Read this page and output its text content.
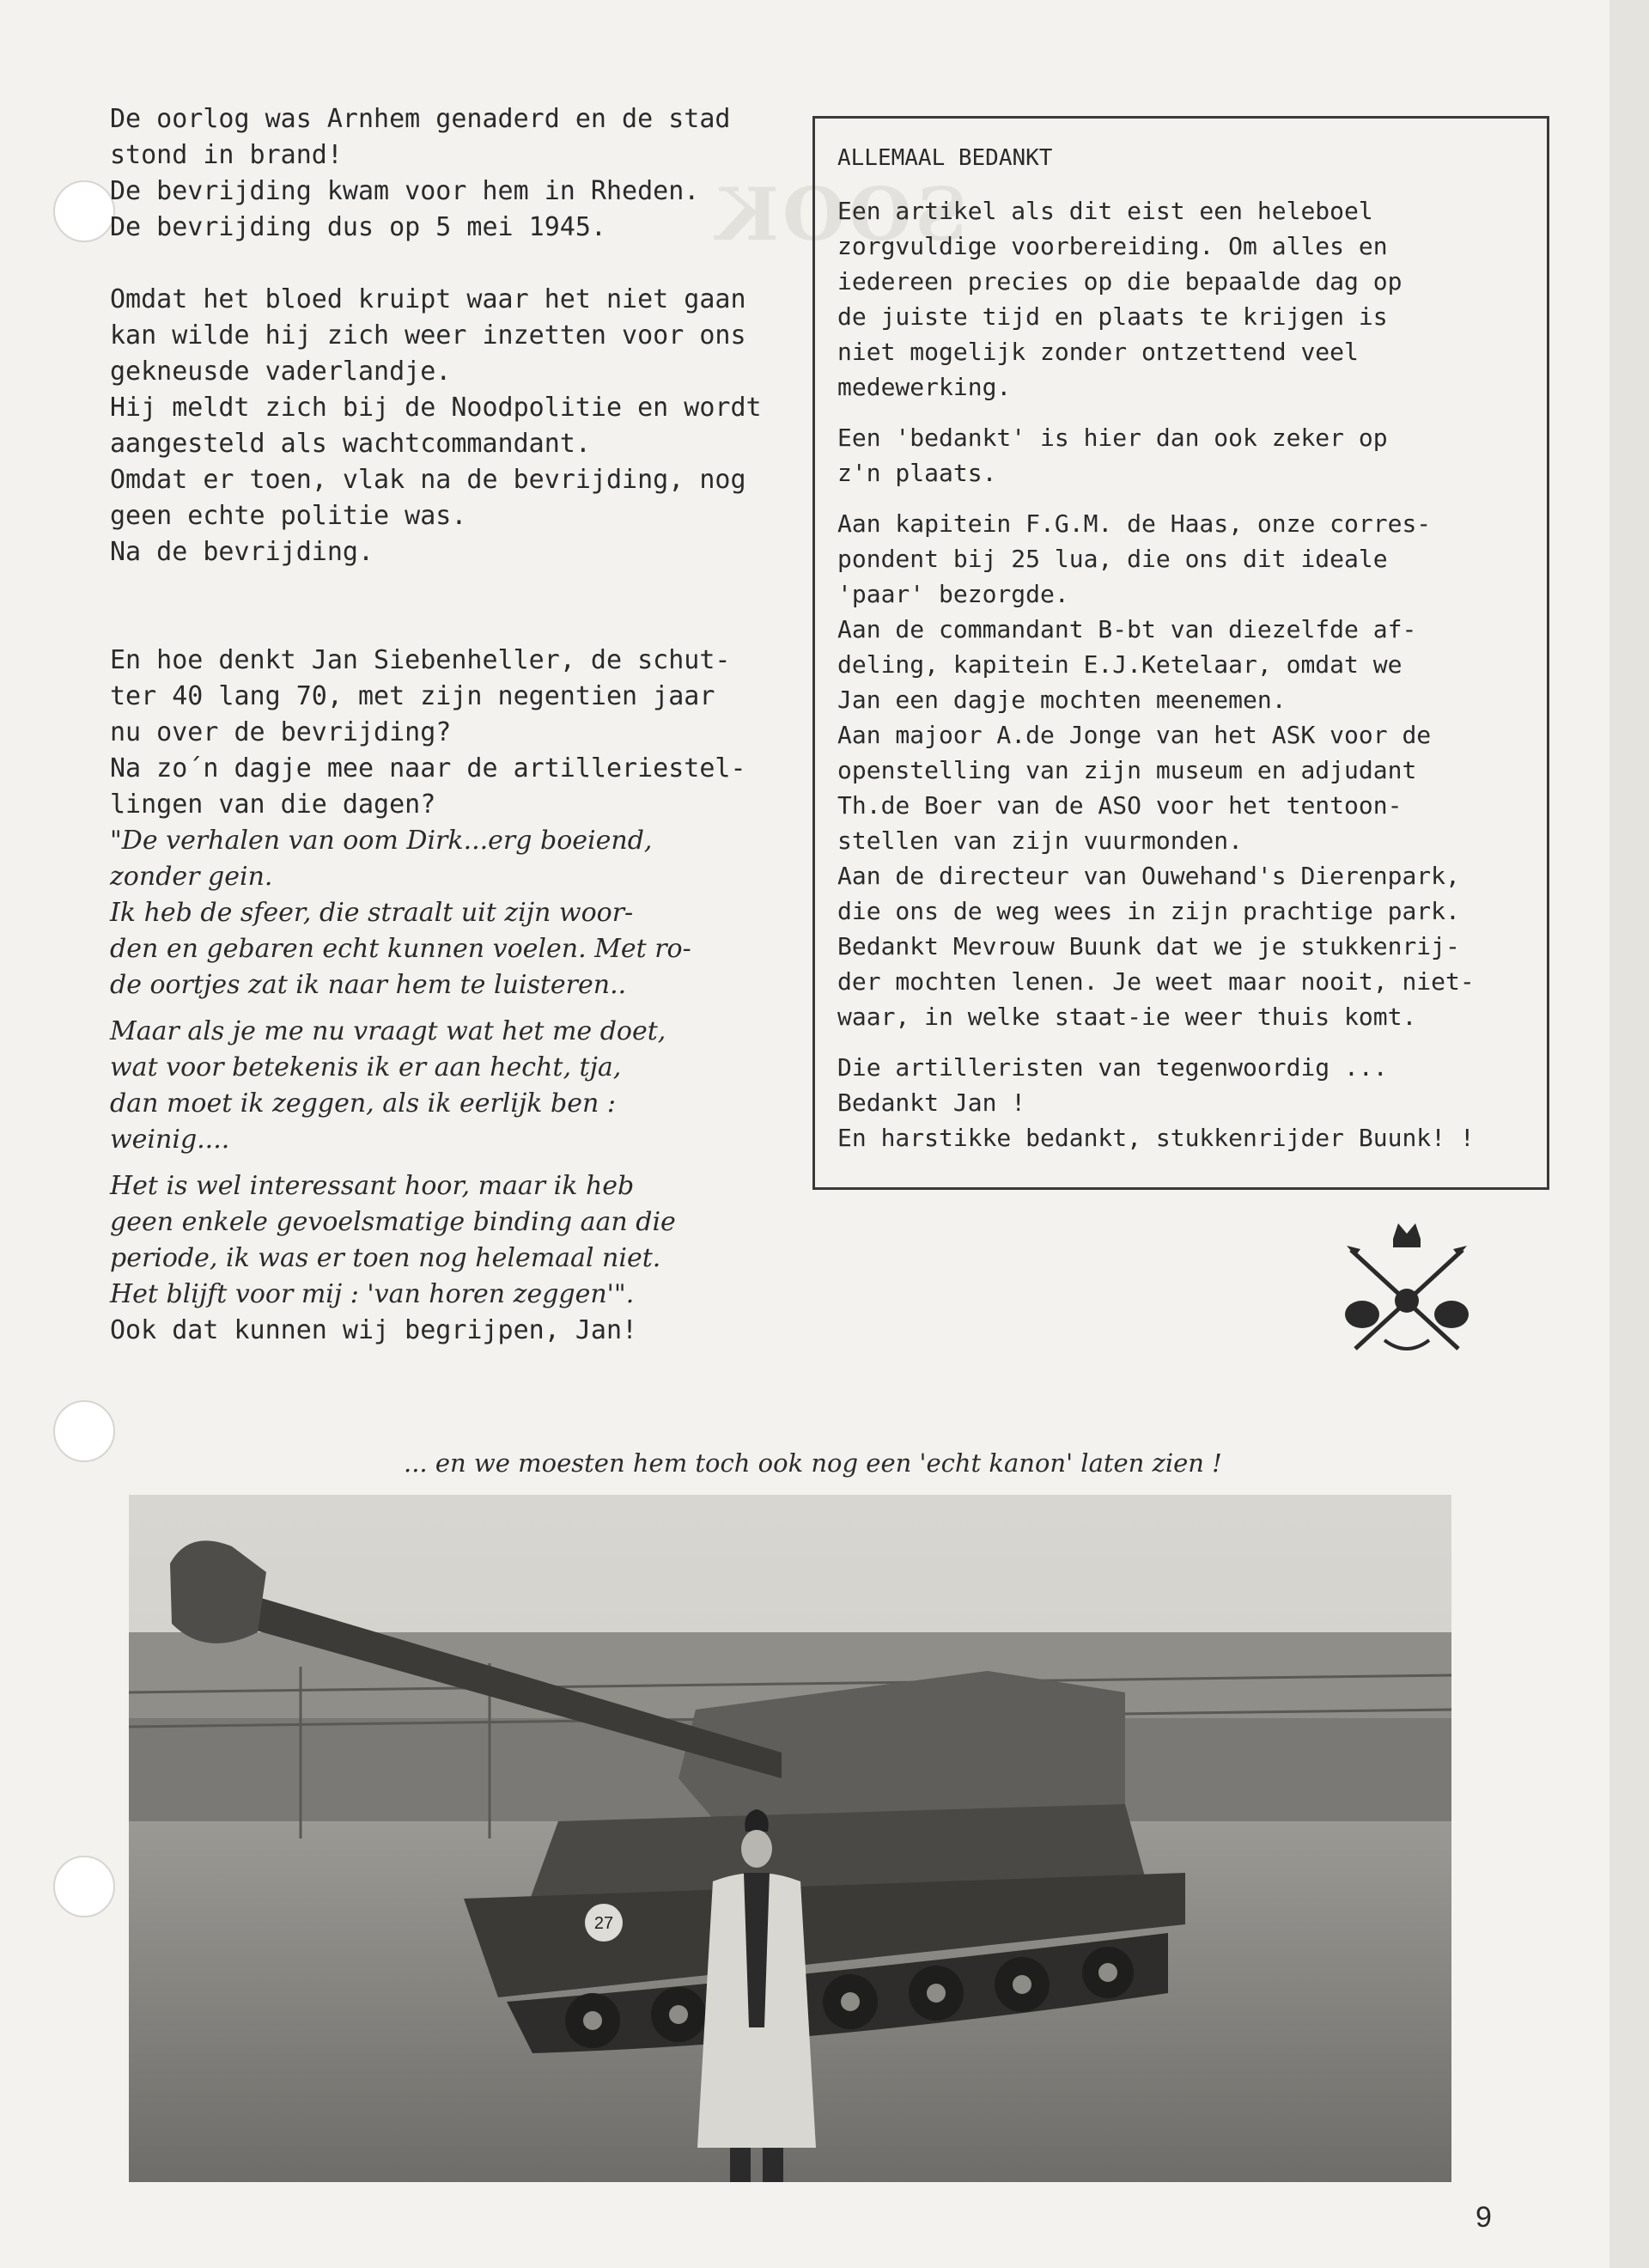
De oorlog was Arnhem genaderd en de stad
stond in brand!
De bevrijding kwam voor hem in Rheden.
De bevrijding dus op 5 mei 1945.

Omdat het bloed kruipt waar het niet gaan
kan wilde hij zich weer inzetten voor ons
gekneusde vaderlandje.
Hij meldt zich bij de Noodpolitie en wordt
aangesteld als wachtcommandant.
Omdat er toen, vlak na de bevrijding, nog
geen echte politie was.
Na de bevrijding.

En hoe denkt Jan Siebenheller, de schut-
ter 40 lang 70, met zijn negentien jaar
nu over de bevrijding?
Na zo´n dagje mee naar de artilleriestel-
lingen van die dagen?

"De verhalen van oom Dirk...erg boeiend,
zonder gein.
Ik heb de sfeer, die straalt uit zijn woor-
den en gebaren echt kunnen voelen. Met ro-
de oortjes zat ik naar hem te luisteren..

Maar als je me nu vraagt wat het me doet,
wat voor betekenis ik er aan hecht, tja,
dan moet ik zeggen, als ik eerlijk ben :
weinig....

Het is wel interessant hoor, maar ik heb
geen enkele gevoelsmatige binding aan die
periode, ik was er toen nog helemaal niet.
Het blijft voor mij : 'van horen zeggen'".

Ook dat kunnen wij begrijpen, Jan!

SOOK
ALLEMAAL BEDANKT

Een artikel als dit eist een heleboel
zorgvuldige voorbereiding. Om alles en
iedereen precies op die bepaalde dag op
de juiste tijd en plaats te krijgen is
niet mogelijk zonder ontzettend veel
medewerking.

Een 'bedankt' is hier dan ook zeker op
z'n plaats.

Aan kapitein F.G.M. de Haas, onze corres-
pondent bij 25 lua, die ons dit ideale
'paar' bezorgde.
Aan de commandant B-bt van diezelfde af-
deling, kapitein E.J.Ketelaar, omdat we
Jan een dagje mochten meenemen.
Aan majoor A.de Jonge van het ASK voor de
openstelling van zijn museum en adjudant
Th.de Boer van de ASO voor het tentoon-
stellen van zijn vuurmonden.
Aan de directeur van Ouwehand's Dierenpark,
die ons de weg wees in zijn prachtige park.
Bedankt Mevrouw Buunk dat we je stukkenrij-
der mochten lenen. Je weet maar nooit, niet-
waar, in welke staat-ie weer thuis komt.

Die artilleristen van tegenwoordig ...
Bedankt Jan !
En harstikke bedankt, stukkenrijder Buunk! !

... en we moesten hem toch ook nog een 'echt kanon' laten zien !
27
9
